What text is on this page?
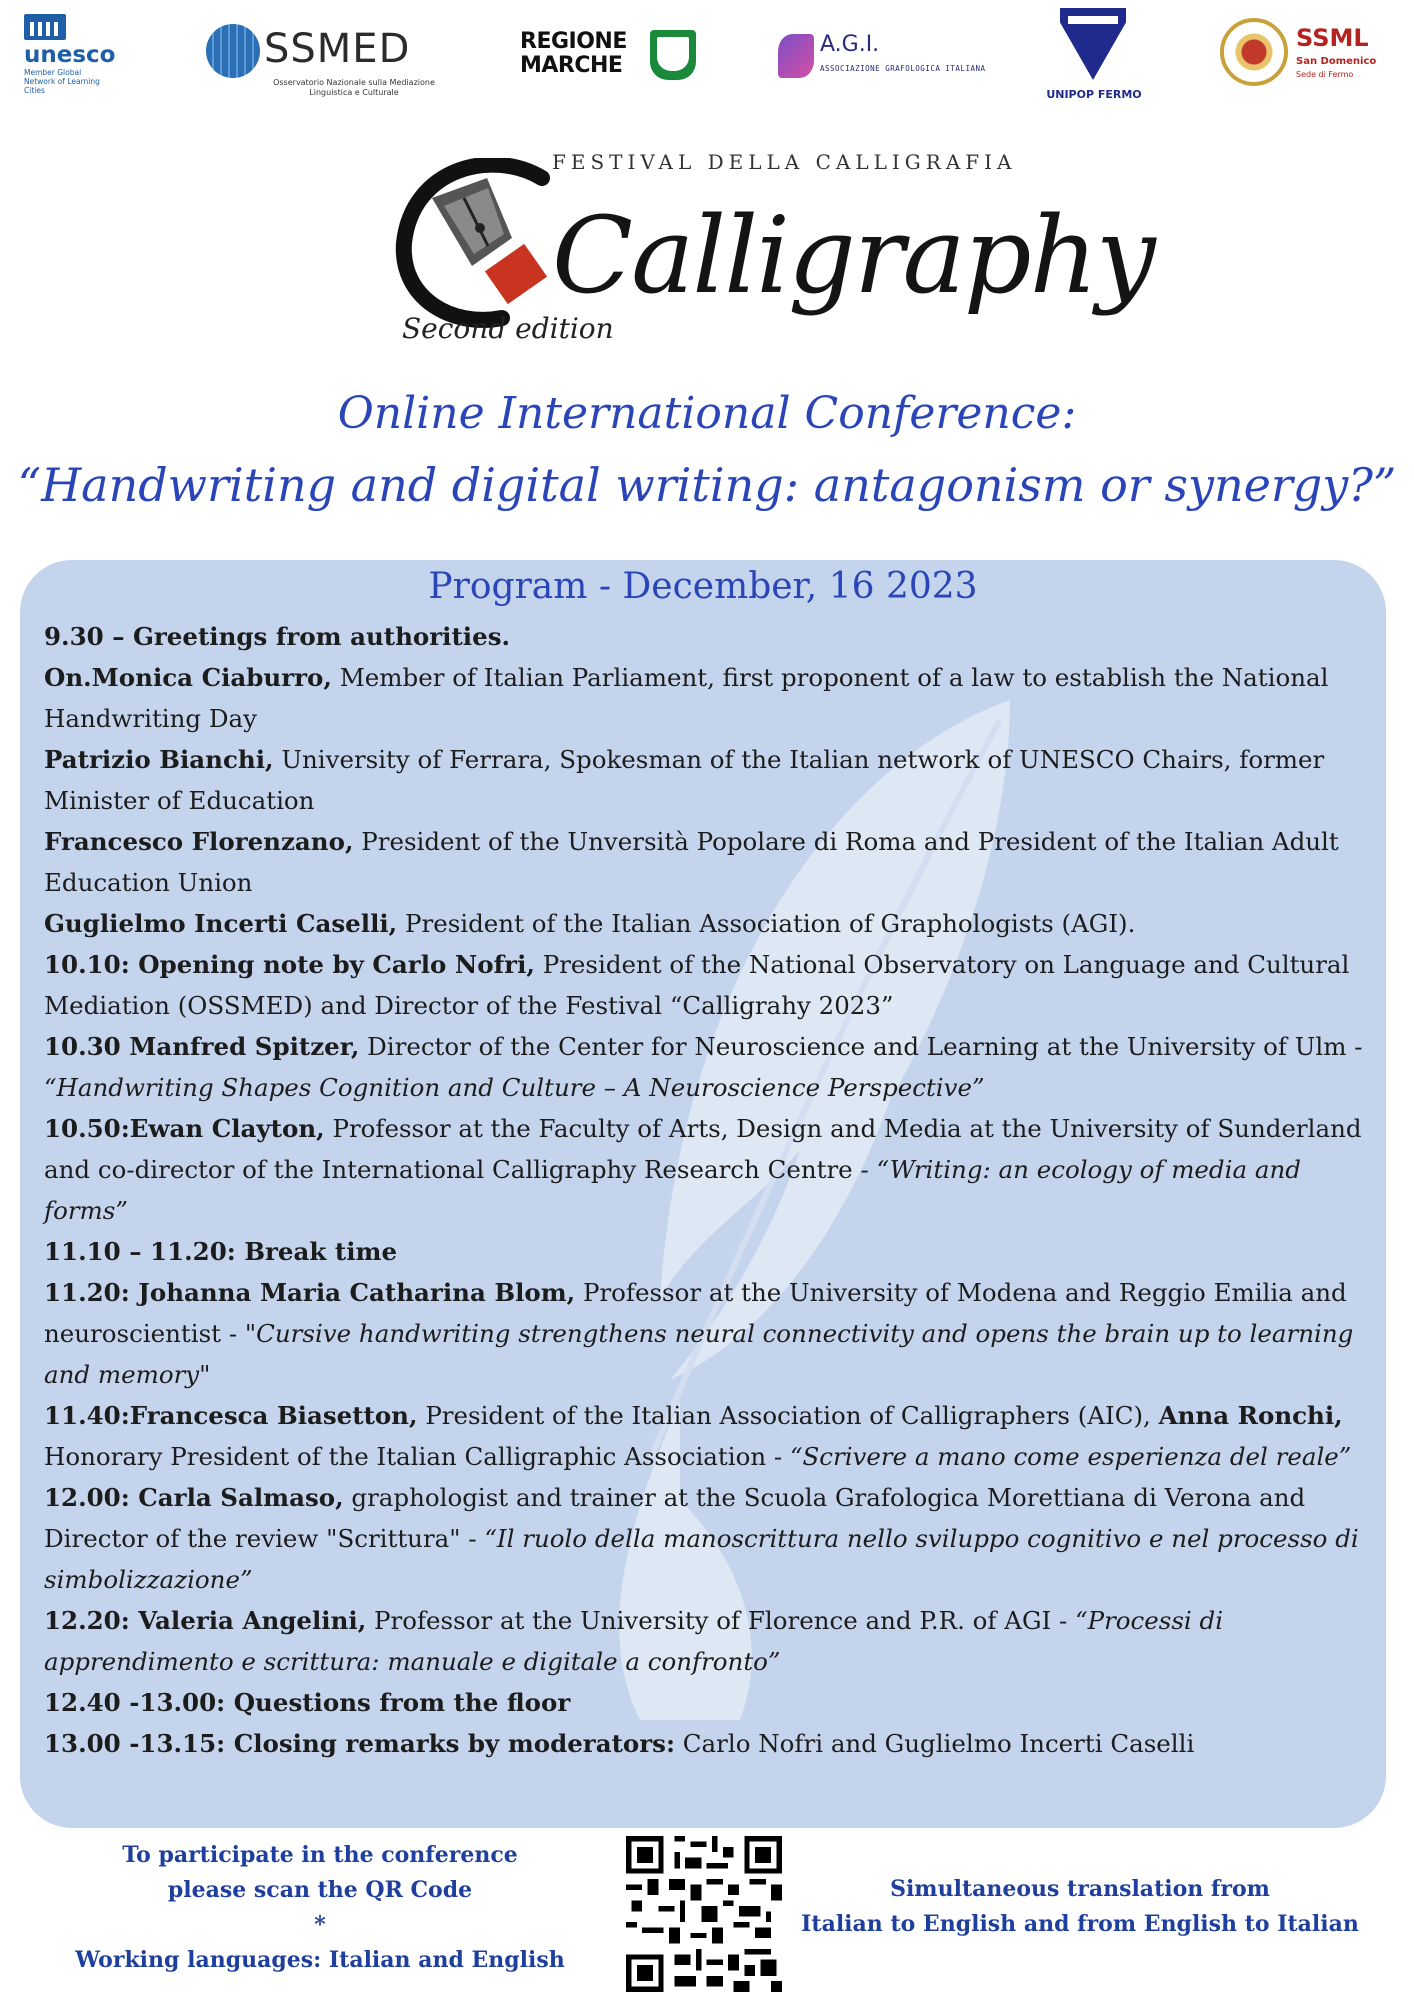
unesco
Member Global Network of Learning Cities
SSMED
Osservatorio Nazionale sulla Mediazione Linguistica e Culturale
REGIONE
MARCHE
A.G.I.
ASSOCIAZIONE GRAFOLOGICA ITALIANA
UNIPOP FERMO
SSML
San Domenico
Sede di Fermo
FESTIVAL DELLA CALLIGRAFIA
Calligraphy
Second edition
Online International Conference:
“Handwriting and digital writing: antagonism or synergy?”
Program - December, 16 2023

9.30 – Greetings from authorities.

On.Monica Ciaburro, Member of Italian Parliament, first proponent of a law to establish the National Handwriting Day

Patrizio Bianchi, University of Ferrara, Spokesman of the Italian network of UNESCO Chairs, former Minister of Education

Francesco Florenzano, President of the Unversità Popolare di Roma and President of the Italian Adult Education Union

Guglielmo Incerti Caselli, President of the Italian Association of Graphologists (AGI).

10.10: Opening note by Carlo Nofri, President of the National Observatory on Language and Cultural Mediation (OSSMED) and Director of the Festival “Calligrahy 2023”

10.30 Manfred Spitzer, Director of the Center for Neuroscience and Learning at the University of Ulm - “Handwriting Shapes Cognition and Culture – A Neuroscience Perspective”

10.50:Ewan Clayton, Professor at the Faculty of Arts, Design and Media at the University of Sunderland and co-director of the International Calligraphy Research Centre - “Writing: an ecology of media and forms”

11.10 – 11.20: Break time

11.20: Johanna Maria Catharina Blom, Professor at the University of Modena and Reggio Emilia and neuroscientist - "Cursive handwriting strengthens neural connectivity and opens the brain up to learning and memory"

11.40:Francesca Biasetton, President of the Italian Association of Calligraphers (AIC), Anna Ronchi, Honorary President of the Italian Calligraphic Association - “Scrivere a mano come esperienza del reale”

12.00: Carla Salmaso, graphologist and trainer at the Scuola Grafologica Morettiana di Verona and Director of the review "Scrittura" - “Il ruolo della manoscrittura nello sviluppo cognitivo e nel processo di simbolizzazione”

12.20: Valeria Angelini, Professor at the University of Florence and P.R. of AGI - “Processi di apprendimento e scrittura: manuale e digitale a confronto”

12.40 -13.00: Questions from the floor

13.00 -13.15: Closing remarks by moderators: Carlo Nofri and Guglielmo Incerti Caselli

To participate in the conference
please scan the QR Code
*
Working languages: Italian and English
Simultaneous translation from
Italian to English and from English to Italian
